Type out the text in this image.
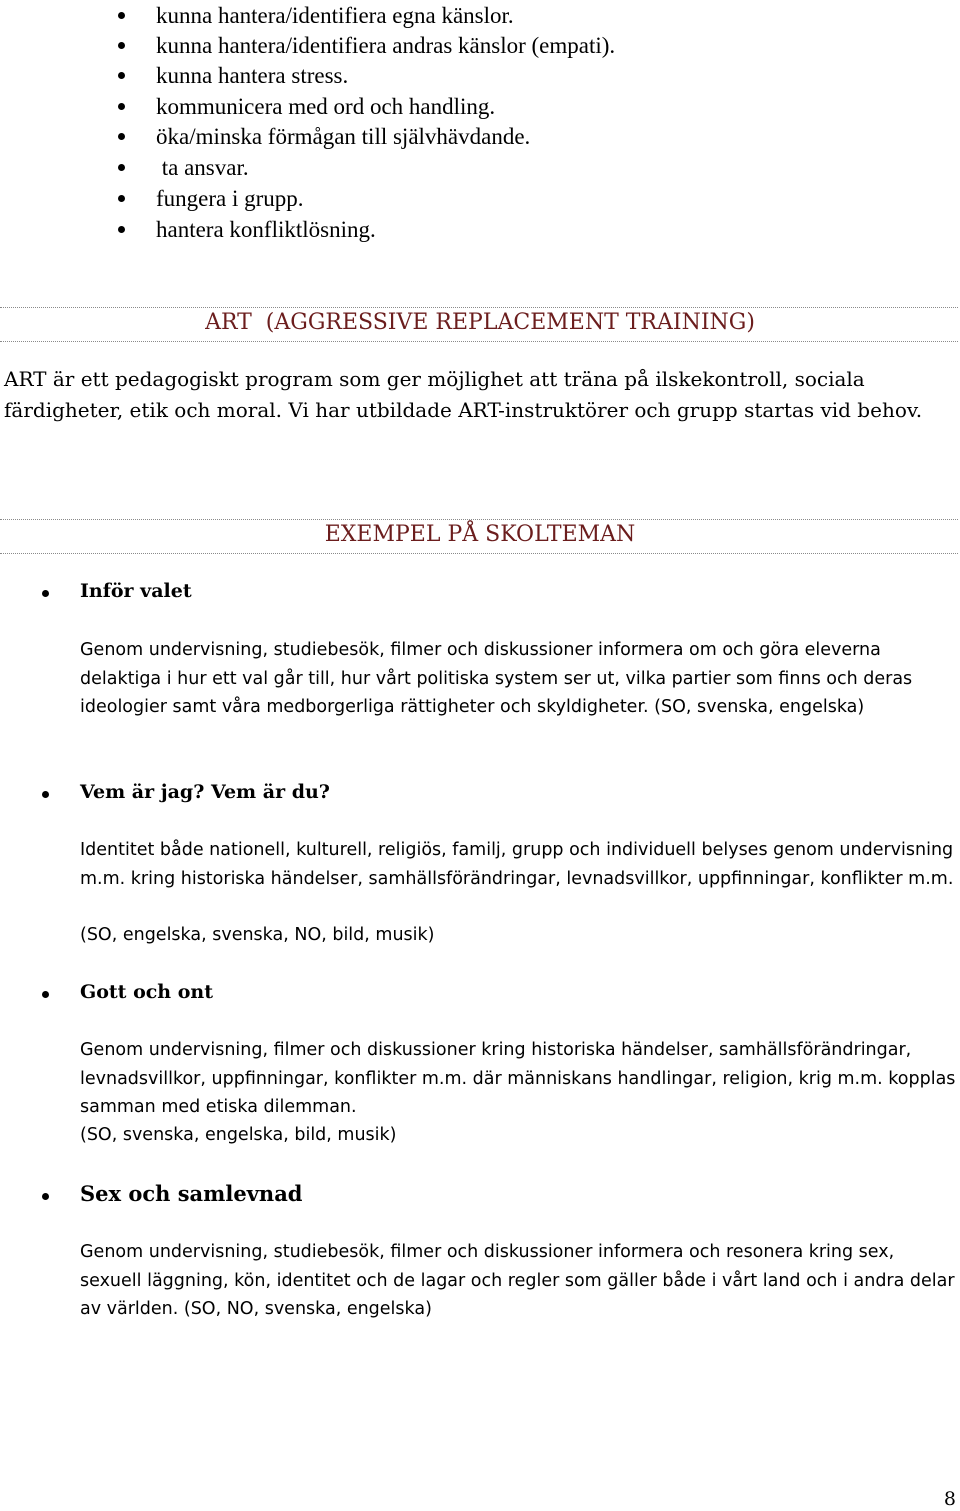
kunna hantera/identifiera egna känslor.
kunna hantera/identifiera andras känslor (empati).
kunna hantera stress.
kommunicera med ord och handling.
öka/minska förmågan till självhävdande.
ta ansvar.
fungera i grupp.
hantera konfliktlösning.
ART  (AGGRESSIVE REPLACEMENT TRAINING)

ART är ett pedagogiskt program som ger möjlighet att träna på ilskekontroll, sociala färdigheter, etik och moral. Vi har utbildade ART-instruktörer och grupp startas vid behov.

EXEMPEL PÅ SKOLTEMAN
Inför valet

Genom undervisning, studiebesök, filmer och diskussioner informera om och göra eleverna delaktiga i hur ett val går till, hur vårt politiska system ser ut, vilka partier som finns och deras ideologier samt våra medborgerliga rättigheter och skyldigheter. (SO, svenska, engelska)

Vem är jag? Vem är du?

Identitet både nationell, kulturell, religiös, familj, grupp och individuell belyses genom undervisning m.m. kring historiska händelser, samhällsförändringar, levnadsvillkor, uppfinningar, konflikter m.m.

(SO, engelska, svenska, NO, bild, musik)

Gott och ont

Genom undervisning, filmer och diskussioner kring historiska händelser, samhällsförändringar, levnadsvillkor, uppfinningar, konflikter m.m. där människans handlingar, religion, krig m.m. kopplas samman med etiska dilemman.

(SO, svenska, engelska, bild, musik)

Sex och samlevnad

Genom undervisning, studiebesök, filmer och diskussioner informera och resonera kring sex, sexuell läggning, kön, identitet och de lagar och regler som gäller både i vårt land och i andra delar av världen. (SO, NO, svenska, engelska)

8
